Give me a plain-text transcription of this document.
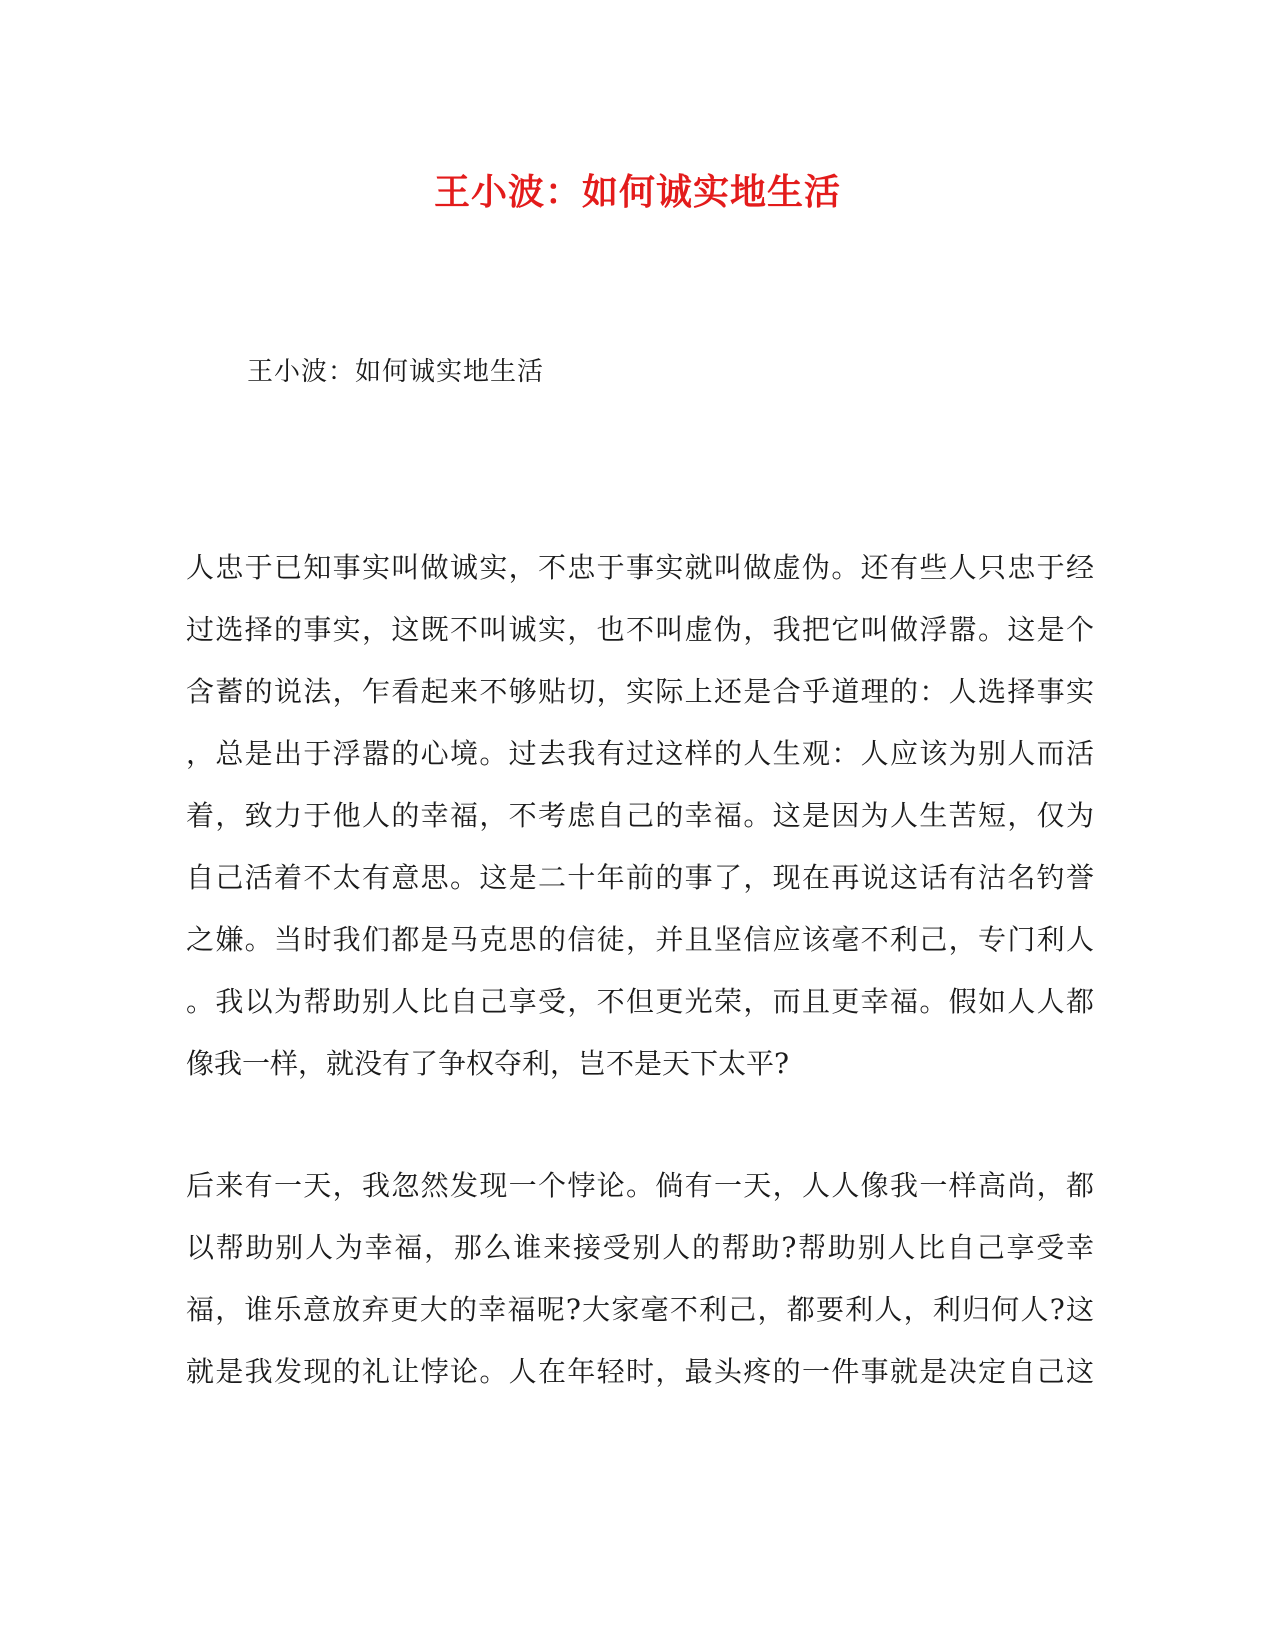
王小波：如何诚实地生活
王小波：如何诚实地生活
人忠于已知事实叫做诚实，不忠于事实就叫做虚伪。还有些人只忠于经
过选择的事实，这既不叫诚实，也不叫虚伪，我把它叫做浮嚣。这是个
含蓄的说法，乍看起来不够贴切，实际上还是合乎道理的：人选择事实
，总是出于浮嚣的心境。过去我有过这样的人生观：人应该为别人而活
着，致力于他人的幸福，不考虑自己的幸福。这是因为人生苦短，仅为
自己活着不太有意思。这是二十年前的事了，现在再说这话有沽名钓誉
之嫌。当时我们都是马克思的信徒，并且坚信应该毫不利己，专门利人
。我以为帮助别人比自己享受，不但更光荣，而且更幸福。假如人人都
像我一样，就没有了争权夺利，岂不是天下太平?
后来有一天，我忽然发现一个悖论。倘有一天，人人像我一样高尚，都
以帮助别人为幸福，那么谁来接受别人的帮助?帮助别人比自己享受幸
福，谁乐意放弃更大的幸福呢?大家毫不利己，都要利人，利归何人?这
就是我发现的礼让悖论。人在年轻时，最头疼的一件事就是决定自己这
